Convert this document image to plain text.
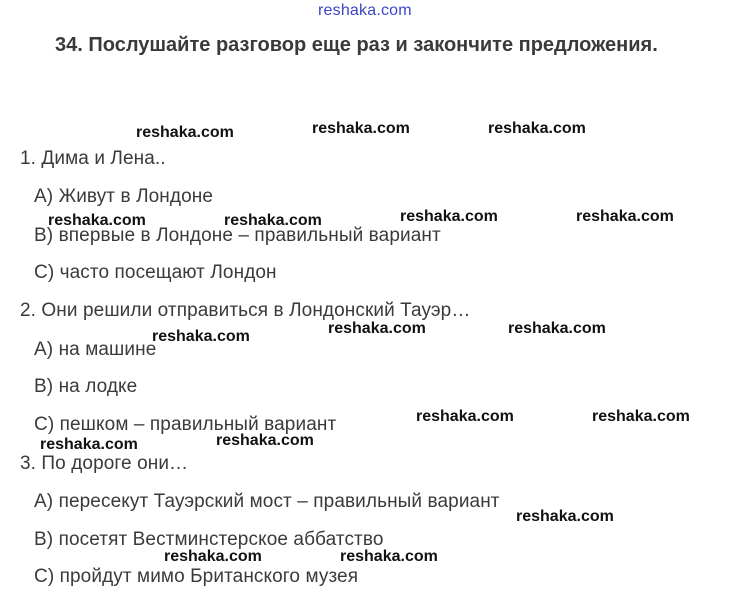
reshaka.com
34. Послушайте разговор еще раз и закончите предложения.
1. Дима и Лена..
A) Живут в Лондоне
B) впервые в Лондоне – правильный вариант
C) часто посещают Лондон
2. Они решили отправиться в Лондонский Тауэр…
A) на машине
B) на лодке
C) пешком – правильный вариант
3. По дороге они…
A) пересекут Тауэрский мост – правильный вариант
B) посетят Вестминстерское аббатство
C) пройдут мимо Британского музея
reshaka.com	reshaka.com	reshaka.com
reshaka.com	reshaka.com	reshaka.com	reshaka.com
reshaka.com	reshaka.com	reshaka.com
reshaka.com	reshaka.com
reshaka.com	reshaka.com
reshaka.com
reshaka.com	reshaka.com
